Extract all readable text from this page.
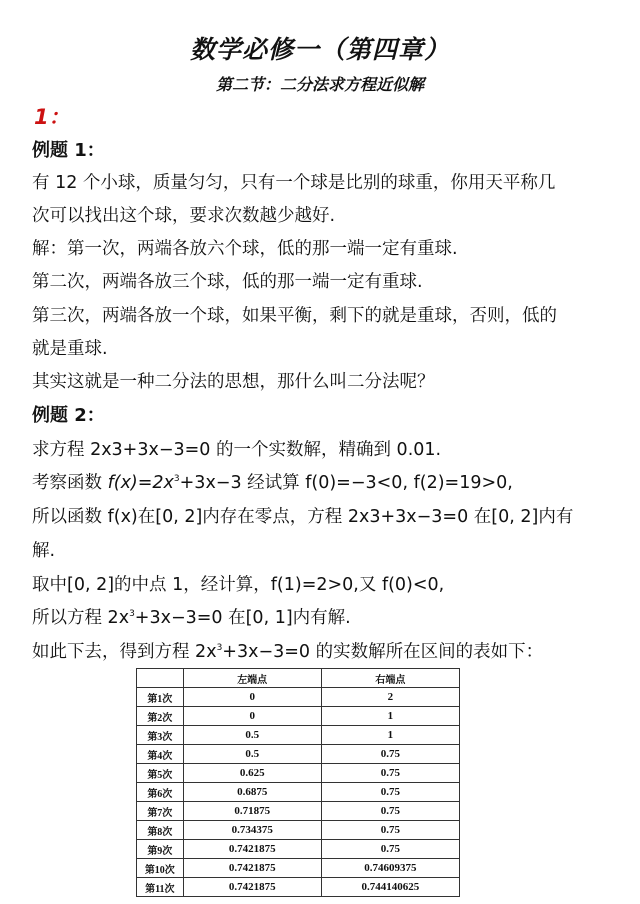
数学必修一（第四章）
第二节：二分法求方程近似解
1：
例题 1：
有 12 个小球，质量匀匀，只有一个球是比别的球重，你用天平称几
次可以找出这个球，要求次数越少越好.
解：第一次，两端各放六个球，低的那一端一定有重球.
第二次，两端各放三个球，低的那一端一定有重球.
第三次，两端各放一个球，如果平衡，剩下的就是重球，否则，低的
就是重球.
其实这就是一种二分法的思想，那什么叫二分法呢？
例题 2：
求方程 2x3+3x−3=0 的一个实数解，精确到 0.01.
考察函数 $f(x)=2x^3+3x-3$ 经试算 f(0)=−3<0, f(2)=19>0,
所以函数 f(x)在[0, 2]内存在零点，方程 2x3+3x−3=0 在[0, 2]内有
解.
取中[0, 2]的中点 1，经计算，f(1)=2>0,又 f(0)<0,
所以方程 $2x^3+3x-3=0$ 在[0, 1]内有解.
如此下去，得到方程 $2x^3+3x-3=0$ 的实数解所在区间的表如下：
	左端点	右端点
第1次	0	2
第2次	0	1
第3次	0.5	1
第4次	0.5	0.75
第5次	0.625	0.75
第6次	0.6875	0.75
第7次	0.71875	0.75
第8次	0.734375	0.75
第9次	0.7421875	0.75
第10次	0.7421875	0.74609375
第11次	0.7421875	0.744140625
